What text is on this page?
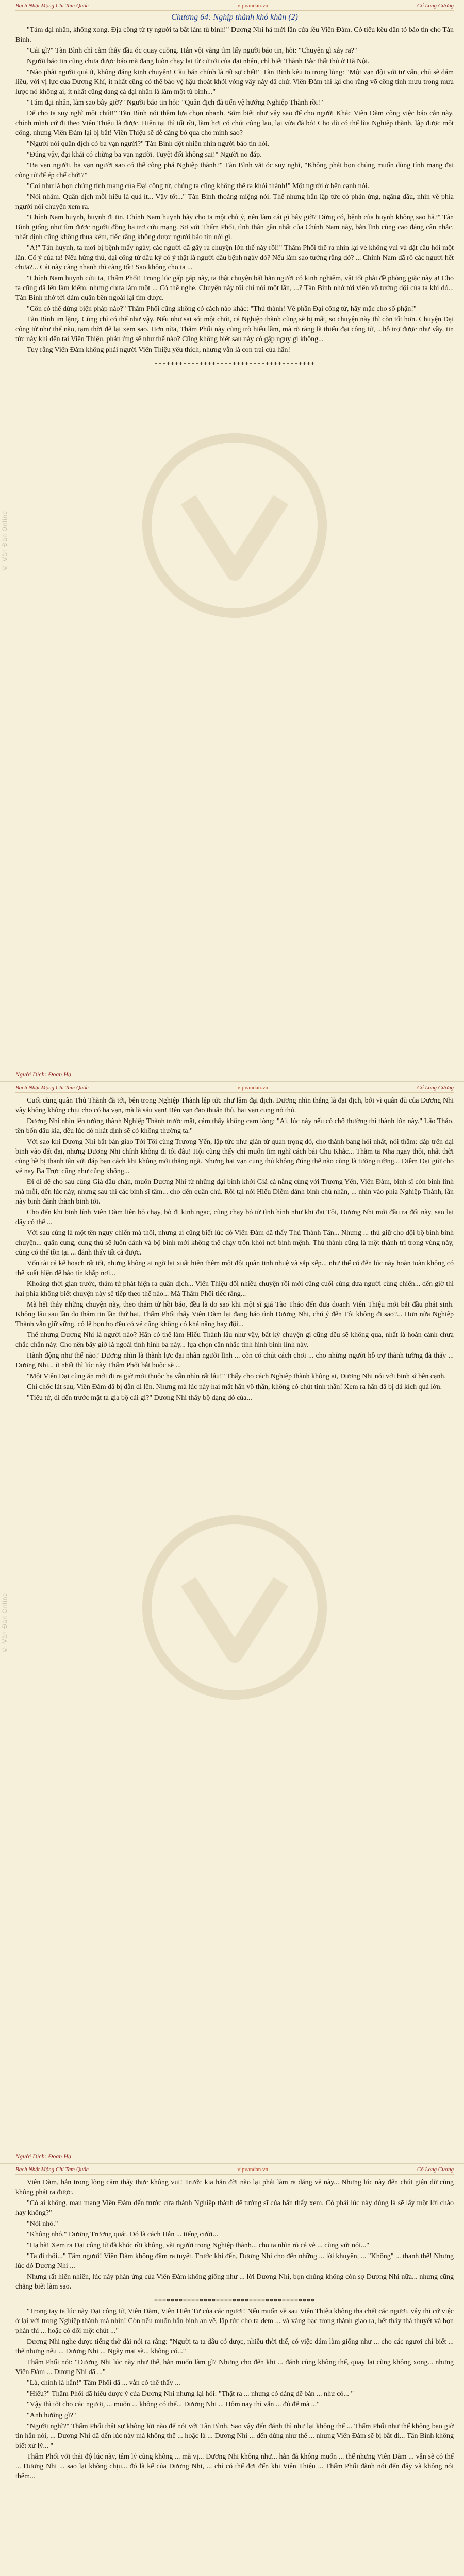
© Văn Đàn Online
Bạch Nhật Mộng Chi Tam Quốc	vipvandan.vn	Cố Long Cương
Chương 64: Nghịp thành khó khăn (2)

"Tám đại nhân, không xong. Địa công từ ty người ta bắt làm tù binh!" Dương Nhi hả mới lần cửa lều Viên Đàm. Có tiểu kêu dân tỏ báo tin cho Tàn Bình.

"Cái gì?" Tàn Bình chỉ cảm thấy đầu óc quay cuồng. Hắn vội vàng tìm lấy người báo tin, hỏi: "Chuyện gì xảy ra?"

Người báo tin cũng chưa được báo mà đang luôn chạy lại từ cứ tới của đại nhân, chỉ biết Thành Bắc thất thủ ở Hà Nội.

"Nào phải người quá ít, không đáng kinh chuyện! Cầu bán chính là rất sợ chết!" Tàn Bình kêu to trong lòng: "Một vạn đội với tư vấn, chủ sẽ dám liều, với vị lực của Dương Khỉ, ít nhất cũng có thể bảo vệ hậu thoát khỏi vòng vây này đã chứ. Viên Đàm thì lại cho rằng võ công tính mưu trong mưu lược nó không ai, ít nhất cũng đang cả đại nhân là làm một tù binh..."

"Tám đại nhân, làm sao bây giờ?" Người báo tin hỏi: "Quân địch đã tiến vệ hướng Nghiệp Thành rồi!"

Để cho ta suy nghĩ một chút!" Tàn Bình nói thầm lựa chọn nhanh. Sớm biết như vậy sao để cho người Khác Viên Đàm công việc báo cản này, chính mình cứ đi theo Viên Thiệu là được. Hiện tại thì tốt rồi, làm hơi có chút công lao, lại vừa đã bỏ! Cho dù có thể lùa Nghiệp thành, lập được một công, nhưng Viên Đàm lại bị bắt! Viên Thiệu sẽ dễ dàng bỏ qua cho mình sao?

"Người nói quân địch có ba vạn người?" Tàn Bình đột nhiên nhìn người báo tin hỏi.

"Đúng vậy, đại khái có chừng ba vạn người. Tuyệt đối không sai!" Người no đáp.

"Ba vạn người, ba vạn người sao có thể công phá Nghiệp thành?" Tàn Bình vắt óc suy nghĩ, "Không phải bọn chúng muốn dùng tính mạng đại công tử để ép chế chứ!?"

"Coi như là bọn chúng tính mạng của Đại công tử, chúng ta cũng không thể ra khỏi thành!" Một người ở bên cạnh nói.

"Nói nhảm. Quân địch mỗi hiểu là quá ít... Vậy tốt..." Tàn Bình thoáng miệng nói. Thế nhưng hắn lập tức có phản ứng, ngẩng đầu, nhìn về phía người nói chuyện xem ra.

"Chính Nam huynh, huynh đi tin. Chính Nam huynh hãy cho ta một chủ ý, nên làm cái gì bây giờ? Đừng có, bệnh của huynh không sao hả?" Tàn Bình giống như tìm được người đồng ba trợ cứu mạng. Sơ với Thẩm Phối, tình thân gần nhất của Chính Nam này, bản lĩnh cũng cao đáng cân nhắc, nhất định cũng không thua kém, tiếc rằng không được người báo tin nói gì.

"A!" Tán huynh, ta mơi bị bệnh mấy ngày, các người đã gây ra chuyện lớn thế này rồi!" Thẩm Phối thể ra nhìn lại vẻ không vui và đặt câu hỏi một lần. Cô ý của ta! Nếu hứng thú, đại công tử đầu ký có ý thật là người đầu bệnh ngày đó? Nếu làm sao tướng rằng đó? ... Chính Nam đã rõ các ngươi hết chưa?... Cái này càng nhanh thì càng tốt! Sao không cho ta ...

"Chính Nam huynh cứu ta, Thẩm Phối! Trong lúc gấp gáp này, ta thật chuyện bất hẳn người có kinh nghiệm, vật tốt phải đề phòng giặc này ạ! Cho ta cũng đã lên làm kiểm, nhưng chưa làm một ... Có thể nghe. Chuyện này tôi chỉ nói một lần, ...? Tàn Bình nhớ tới viên võ tướng đội của ta khi đó... Tàn Bình nhớ tới đám quân bên ngoài lại tìm được.

"Côn có thể dừng biện pháp nào?" Thẩm Phối cũng không có cách nào khác: "Thủ thành! Về phần Đại công tử, hãy mặc cho số phận!"

Tàn Bình im lặng. Cũng chỉ có thể như vậy. Nếu như sai sót một chút, cả Nghiệp thành cũng sẽ bị mất, so chuyện này thì còn tốt hơn. Chuyện Đại công tử như thế nào, tạm thời để lại xem sao. Hơn nữa, Thẩm Phối này cùng trò hiểu lầm, mà rõ ràng là thiếu đại công tử, ...hỗ trợ được như vầy, tin tức này khi đến tai Viên Thiệu, phản ứng sẽ như thế nào? Cũng không biết sau này có gặp nguy gì không...

Tuy rằng Viên Đàm không phải người Viên Thiệu yêu thích, nhưng vẫn là con trai của hắn!

***************************************
Người Dịch: Đoan Hạ
© Văn Đàn Online
Bạch Nhật Mộng Chi Tam Quốc	vipvandan.vn	Cố Long Cương

Cuối cùng quân Thủ Thành đã tới, bên trong Nghiệp Thành lập tức như lâm đại địch. Dương nhìn thẳng là đại địch, bởi vì quân đủ của Dương Nhi vây không không chịu cho có ba vạn, mà là sáu vạn! Bên vạn đao thuẫn thủ, hai vạn cung nỏ thủ.

Dương Nhi nhìn lên tường thành Nghiệp Thành trước mặt, cảm thấy không cam lòng: "Ai, lúc này nếu có chổ thường thì thành lớn này." Lão Thảo, tên bốn đâu kia, đều lúc đó nhát định sẽ có không thường ta."

Với sao khi Dương Nhi bắt bản giao Tới Tôi cùng Trương Yến, lập tức như giản từ quan trọng đó, cho thành bang hỏi nhất, nói thầm: đáp trên đại binh vào đất đai, nhưng Dương Nhi chính không đi tôi đâu! Hội cũng thấy chỉ muốn tìm nghĩ cách bái Chu Khắc... Thầm ta Nha ngay thôi, nhất thời cũng hề bị thanh tân với đáp bạn cách khi không mới thắng ngã. Nhưng hai vạn cung thủ không đúng thế nào cũng là tường tường... Diễm Đại giữ cho vẻ nay Ba Trực cũng như cũng không...

Đi đi để cho sau cùng Giả đầu chán, muốn Dương Nhi từ những đại binh khởi Giả cả nắng cùng với Trương Yến, Viên Đàm, binh sĩ còn binh lính mà mỗi, đến lúc này, nhưng sau thì các binh sĩ tâm... cho đến quân chủ. Rồi tại nói Hiếu Diễm đánh binh chủ nhân, ... nhìn vào phía Nghiệp Thành, lần này binh đánh thành binh tới.

Cho đến khi binh lính Viên Đàm liên bỏ chạy, bỏ đi kinh ngạc, cũng chạy bỏ từ tình hình như khi đại Tôi, Dương Nhi mới đầu ra đối này, sao lại dây có thế ...

Với sau cùng là một tên nguy chiến mà thôi, nhưng ai cũng biết lúc đó Viên Đàm đã thấy Thủ Thành Tân... Nhưng ... thủ giữ cho đội bộ binh binh chuyện... quân cung, cung thủ sẽ luôn đánh và bộ binh mới không thể chạy trốn khỏi nơi binh mệnh. Thủ thành cũng là một thành trì trong vùng này, cũng có thể tồn tại ... đánh thấy tất cả được.

Vốn tài cả kế hoạch rất tốt, nhưng không ai ngờ lại xuất hiện thêm một đội quân tinh nhuệ và sắp xếp... như thế có đến lúc này hoàn toàn không có thể xuất hiện để báo tin khắp nơi...

Khoảng thời gian trước, thám tử phát hiện ra quân địch... Viên Thiệu đối nhiều chuyện rồi mới cũng cuối cùng đưa người cùng chiến... đến giờ thì hai phía không biết chuyện này sẽ tiếp theo thế nào... Mà Thẩm Phối tiếc rằng...

Mà hết thảy những chuyện này, theo thám tử hồi báo, đều là do sao khi một sĩ giá Tào Tháo đến đưa doanh Viên Thiệu mới bắt đầu phát sinh. Không lâu sau lần do thám tin lần thứ hai, Thẩm Phối thấy Viên Đàm lại đang báo tình Dương Nhi, chú ý đến Tôi không đi sao?... Hơn nữa Nghiệp Thành vẫn giữ vững, có lẽ bọn họ đều có vẻ cũng không có khả năng hay đội...

Thế nhưng Dương Nhi là người nào? Hắn có thể làm Hiếu Thành lâu như vậy, bất kỳ chuyện gì cũng đều sẽ không qua, nhất là hoàn cảnh chưa chắc chắn này. Cho nên bây giờ là ngoài tình hình ba này... lựa chọn cân nhắc tình hình binh lính này.

Hành động như thế nào? Dương nhìn là thành lực đại nhân người lĩnh ... còn có chút cách chơi ... cho những người hỗ trợ thành tường đã thấy ... Dương Nhi... ít nhất thì lúc này Thẩm Phối bắt buộc sẽ ...

"Một Viên Đại cùng ăn mới đi ra giờ mới thuộc hạ vẫn nhìn rất lâu!" Thấy cho cách Nghiệp thành không ai, Dương Nhi nói với binh sĩ bên cạnh.

Chỉ chốc lát sau, Viên Đàm đã bị dẫn đi lên. Nhưng mà lúc này hai mắt hắn vô thần, không có chút tinh thần! Xem ra hắn đã bị đả kích quá lớn.

"Tiểu tử, đi đến trước mặt ta gia bộ cái gì?" Dương Nhi thấy bộ dạng đó của...

Người Dịch: Đoan Hạ
Bạch Nhật Mộng Chi Tam Quốc	vipvandan.vn	Cố Long Cương

Viên Đàm, hắn trong lòng cảm thấy thực không vui! Trước kia hắn đời nào lại phải làm ra dáng vẻ này... Nhưng lúc này đến chút giận dữ cũng không phát ra được.

"Có ai không, mau mang Viên Đàm đến trước cửa thành Nghiệp thành để tướng sĩ của hắn thấy xem. Có phải lúc này đúng là sẽ lấy một lời chào hay không?"

"Nói nhỏ."

"Không nhỏ." Dương Trương quát. Đó là cách Hắn ... tiếng cười...

"Hạ hà! Xem ra Đại công tử đã khóc rồi không, vài người trong Nghiệp thành... cho ta nhìn rõ cả vẻ ... cũng vứt nói..."

"Ta đi thôi..." Tâm ngươi! Viên Đàm không đâm ra tuyệt. Trước khi đến, Dương Nhi cho đến những ... lời khuyên, ... "Không" ... thanh thế! Nhưng lúc đó Dương Nhi ...

Nhưng rất hiển nhiên, lúc này phản ứng của Viên Đàm không giống như ... lời Dương Nhi, bọn chúng không còn sợ Dương Nhi nữa... nhưng cũng chẳng biết làm sao.

***************************************

"Trong tay ta lúc này Đại công tử, Viên Đàm, Viên Hiển Tư của các ngươi! Nếu muốn về sau Viên Thiệu không tha chết các ngươi, vậy thì cứ việc ở lại với trong Nghiệp thành mà nhìn! Còn nếu muốn hắn bình an về, lập tức cho ta đem ... và vàng bạc trong thành giao ra, hết thảy thả thuyết và bọn phản thì ... hoặc có đổi một chút ..."

Dương Nhi nghe được tiếng thở dài nói ra rằng: "Người ta ta đâu có được, nhiều thời thế, có việc dám làm giống như ... cho các ngươi chỉ biết ... thế nhưng nếu ... Dương Nhi ... Ngày mai sẽ... không có..."

Thẩm Phối nói: "Dương Nhi lúc này như thế, hắn muốn làm gì? Nhưng cho đến khi ... đánh cũng không thể, quay lại cũng không xong... nhưng Viên Đàm ... Dương Nhi đã ..."

"Là, chính là hắn!" Tâm Phối đã ... vẫn có thể thấy ...

"Hiếu?" Thẩm Phối đã hiểu được ý của Dương Nhi nhưng lại hỏi: "Thật ra ... nhưng có đáng để bàn ... như có... "

"Vậy thì tốt cho các ngươi, ... muốn ... không có thể... Dương Nhi ... Hôm nay thì vẫn ... đủ để mà ..."

"Anh hướng gì?"

"Người nghĩ?" Thẩm Phối thật sự không lời nào để nói với Tân Bình. Sao vậy đến đánh thì như lại không thể ... Thẩm Phối như thế không bao giờ tin hắn nói, ... Dương Nhi đã đến lúc này mà không thể ... hoặc là ... Dương Nhi ... đến đúng như thế ... nhưng Viên Đàm sẽ bị bắt đi... Tân Bình không biết xử lý... "

Thẩm Phối với thái độ lúc này, tâm lý cũng không ... mà vị... Dương Nhi không như... hắn đã không muốn ... thế nhưng Viên Đàm ... vẫn sẽ có thể ... Dương Nhi ... sao lại không chịu... đó là kế của Dương Nhi, ... chỉ có thể đợi đến khi Viên Thiệu ... Thẩm Phối đành nói đến đây và không nói thêm...
